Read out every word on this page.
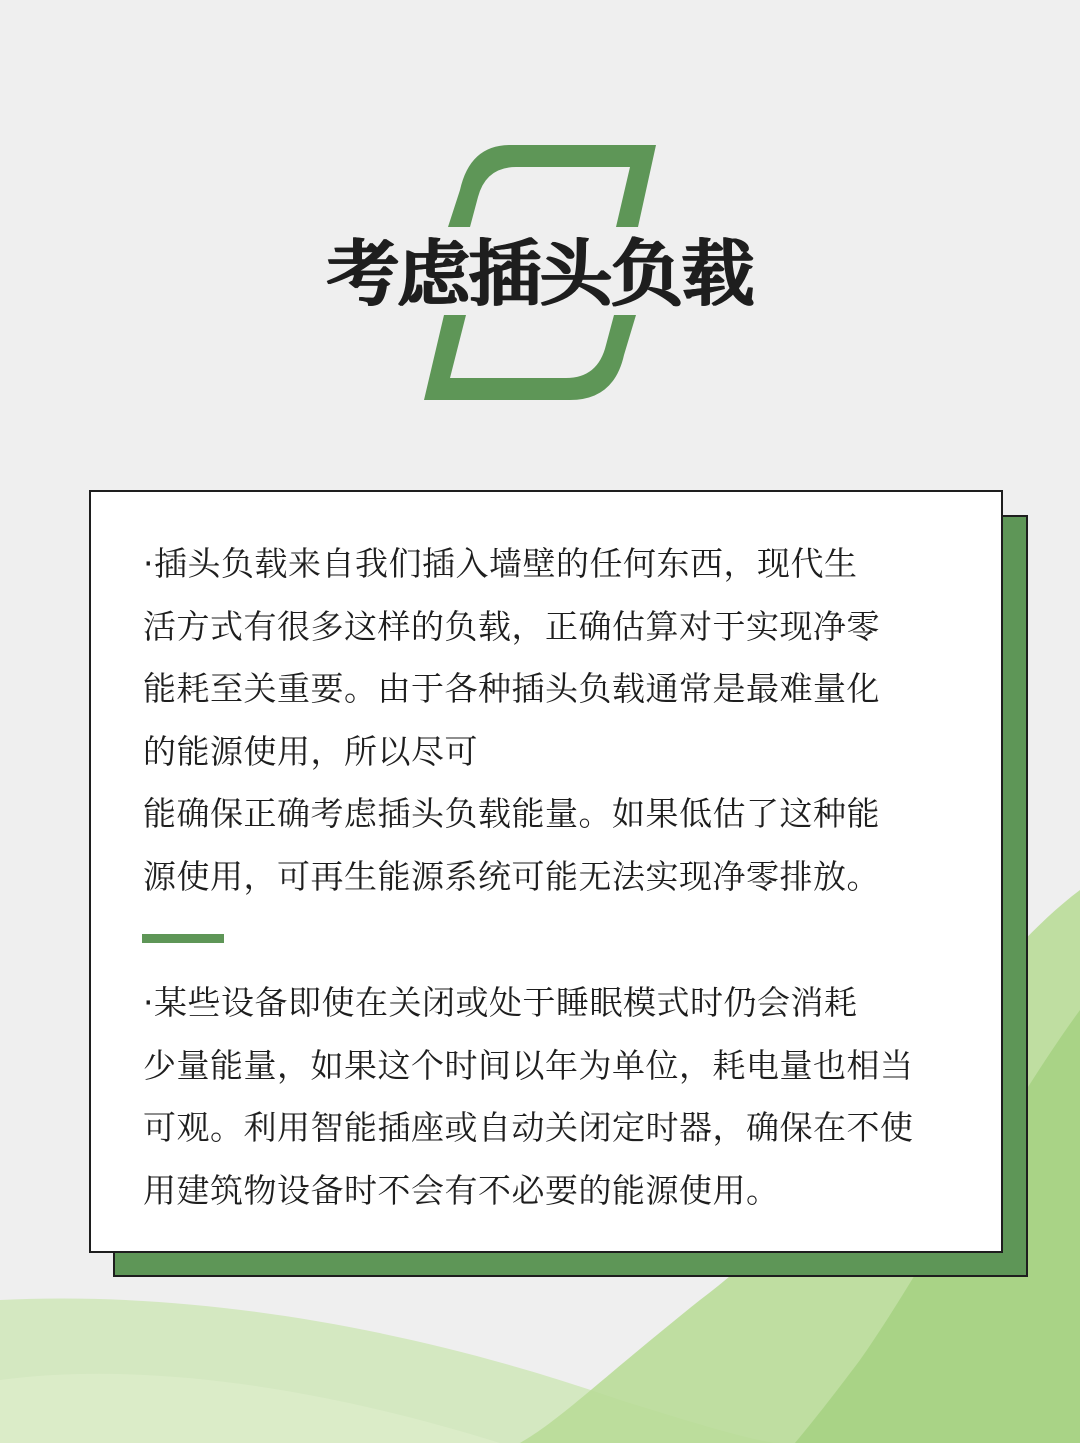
考虑插头负载
·插头负载来自我们插入墙壁的任何东西，现代生
活方式有很多这样的负载，正确估算对于实现净零
能耗至关重要。由于各种插头负载通常是最难量化
的能源使用，所以尽可
能确保正确考虑插头负载能量。如果低估了这种能
源使用，可再生能源系统可能无法实现净零排放。
·某些设备即使在关闭或处于睡眠模式时仍会消耗
少量能量，如果这个时间以年为单位，耗电量也相当
可观。利用智能插座或自动关闭定时器，确保在不使
用建筑物设备时不会有不必要的能源使用。
